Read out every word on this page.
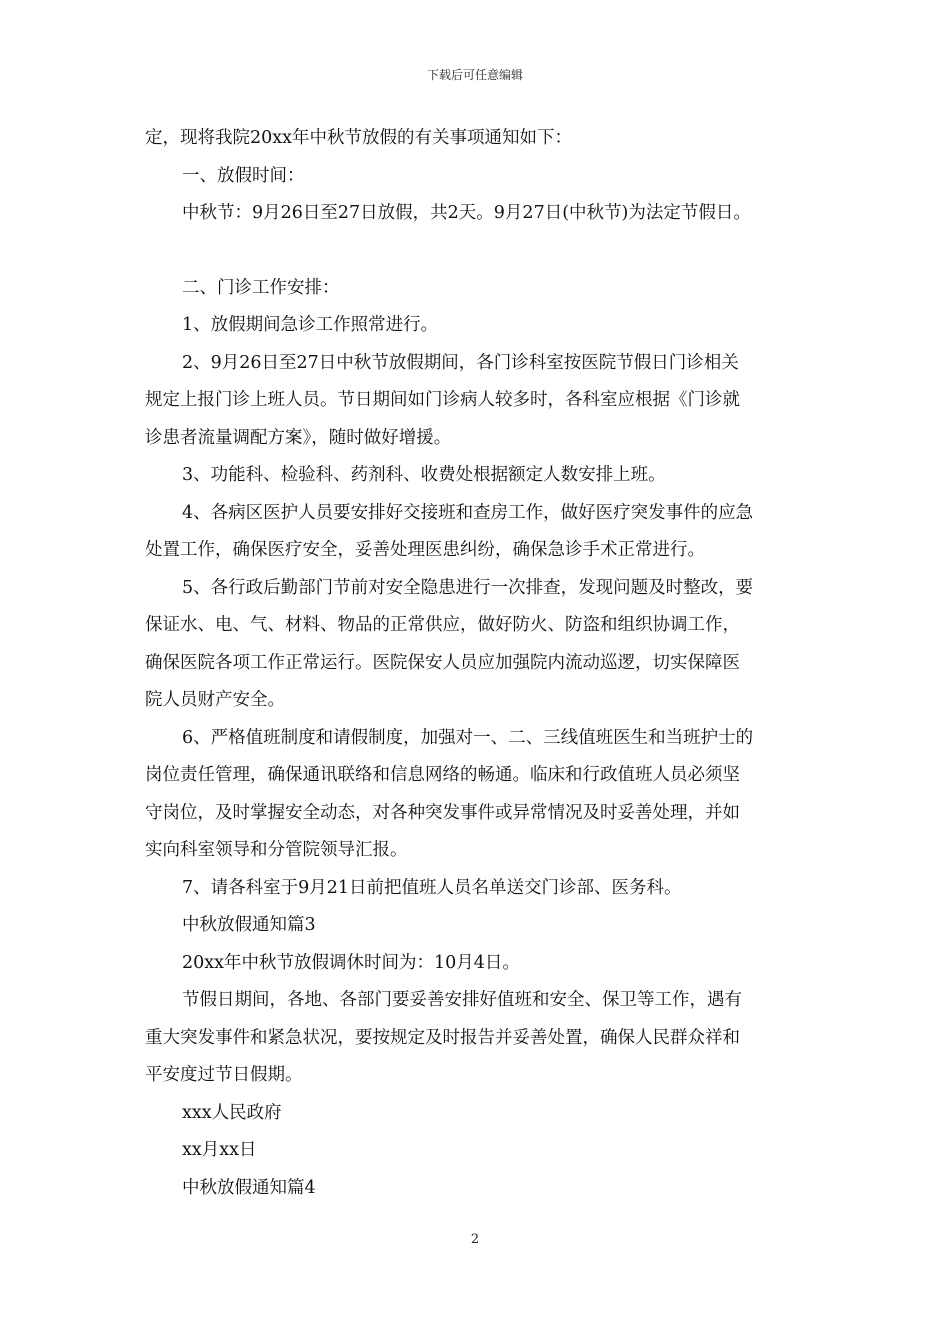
下载后可任意编辑
定，现将我院20xx年中秋节放假的有关事项通知如下：
一、放假时间：
中秋节：9月26日至27日放假，共2天。9月27日(中秋节)为法定节假日。
二、门诊工作安排：
1、放假期间急诊工作照常进行。
2、9月26日至27日中秋节放假期间，各门诊科室按医院节假日门诊相关
规定上报门诊上班人员。节日期间如门诊病人较多时，各科室应根据《门诊就
诊患者流量调配方案》，随时做好增援。
3、功能科、检验科、药剂科、收费处根据额定人数安排上班。
4、各病区医护人员要安排好交接班和查房工作，做好医疗突发事件的应急
处置工作，确保医疗安全，妥善处理医患纠纷，确保急诊手术正常进行。
5、各行政后勤部门节前对安全隐患进行一次排查，发现问题及时整改，要
保证水、电、气、材料、物品的正常供应，做好防火、防盗和组织协调工作，
确保医院各项工作正常运行。医院保安人员应加强院内流动巡逻，切实保障医
院人员财产安全。
6、严格值班制度和请假制度，加强对一、二、三线值班医生和当班护士的
岗位责任管理，确保通讯联络和信息网络的畅通。临床和行政值班人员必须坚
守岗位，及时掌握安全动态，对各种突发事件或异常情况及时妥善处理，并如
实向科室领导和分管院领导汇报。
7、请各科室于9月21日前把值班人员名单送交门诊部、医务科。
中秋放假通知篇3
20xx年中秋节放假调休时间为：10月4日。
节假日期间，各地、各部门要妥善安排好值班和安全、保卫等工作，遇有
重大突发事件和紧急状况，要按规定及时报告并妥善处置，确保人民群众祥和
平安度过节日假期。
xxx人民政府
xx月xx日
中秋放假通知篇4
2
